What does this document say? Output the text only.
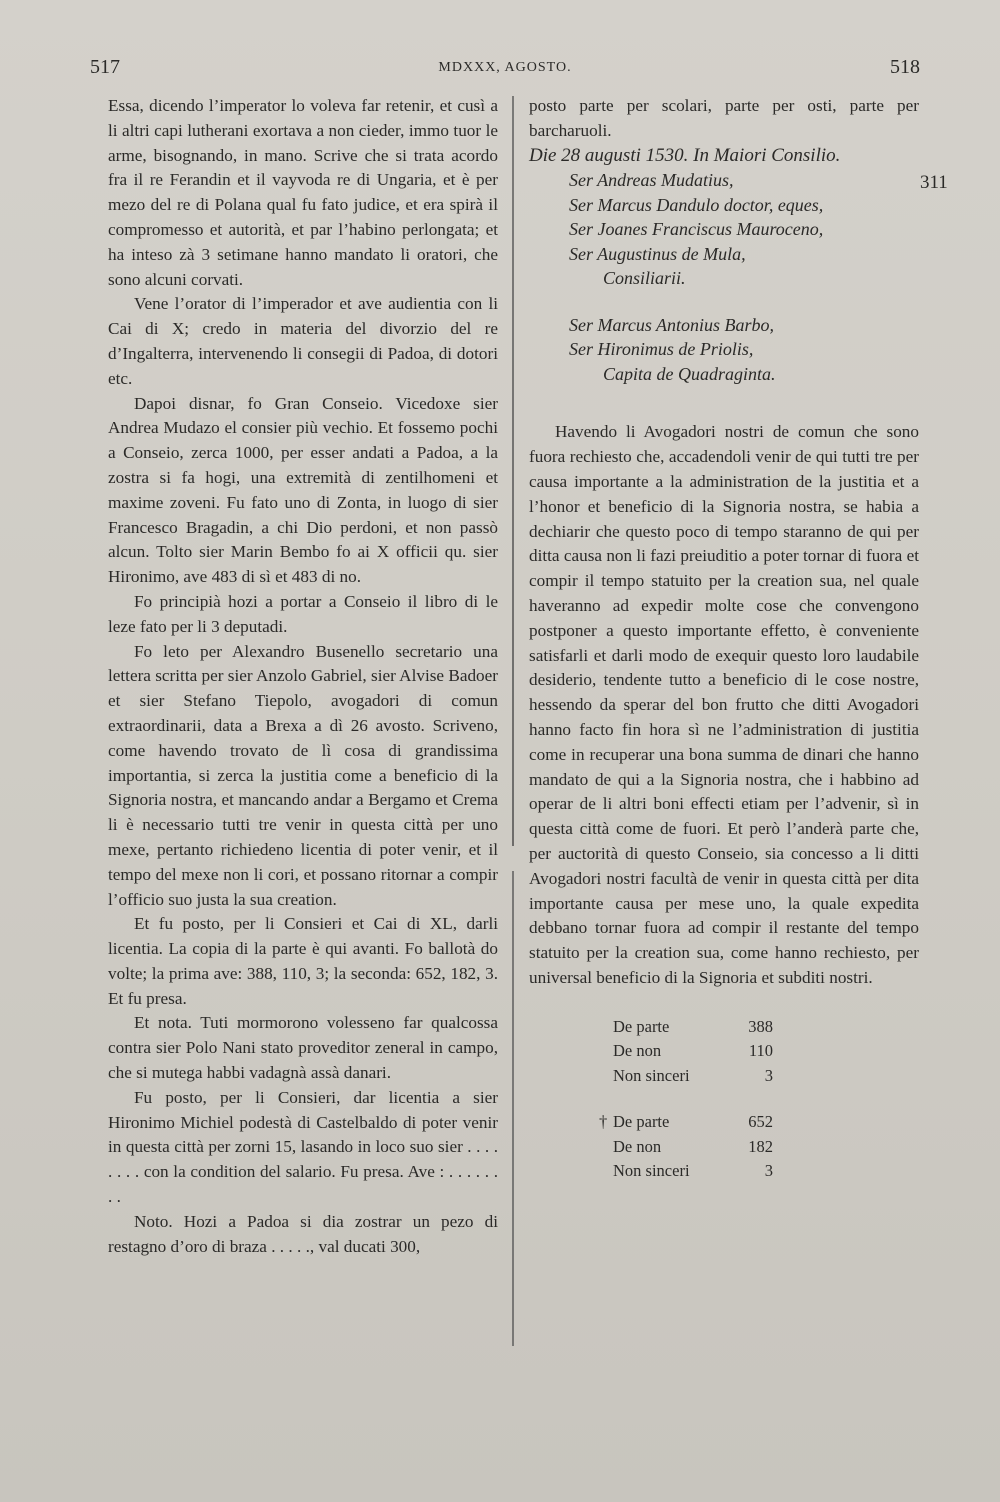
517	MDXXX, AGOSTO.	518
311

Essa, dicendo l’imperator lo voleva far retenir, et cusì a li altri capi lutherani exortava a non cieder, immo tuor le arme, bisognando, in mano. Scrive che si trata acordo fra il re Ferandin et il vayvoda re di Ungaria, et è per mezo del re di Polana qual fu fato judice, et era spirà il compromesso et autorità, et par l’habino perlongata; et ha inteso zà 3 setimane hanno mandato li oratori, che sono alcuni corvati.

Vene l’orator di l’imperador et ave audientia con li Cai di X; credo in materia del divorzio del re d’Ingalterra, intervenendo li consegii di Padoa, di dotori etc.

Dapoi disnar, fo Gran Conseio. Vicedoxe sier Andrea Mudazo el consier più vechio. Et fossemo pochi a Conseio, zerca 1000, per esser andati a Padoa, a la zostra si fa hogi, una extremità di zentilhomeni et maxime zoveni. Fu fato uno di Zonta, in luogo di sier Francesco Bragadin, a chi Dio perdoni, et non passò alcun. Tolto sier Marin Bembo fo ai X officii qu. sier Hironimo, ave 483 di sì et 483 di no.

Fo principià hozi a portar a Conseio il libro di le leze fato per li 3 deputadi.

Fo leto per Alexandro Busenello secretario una lettera scritta per sier Anzolo Gabriel, sier Alvise Badoer et sier Stefano Tiepolo, avogadori di comun extraordinarii, data a Brexa a dì 26 avosto. Scriveno, come havendo trovato de lì cosa di grandissima importantia, si zerca la justitia come a beneficio di la Signoria nostra, et mancando andar a Bergamo et Crema li è necessario tutti tre venir in questa città per uno mexe, pertanto richiedeno licentia di poter venir, et il tempo del mexe non li cori, et possano ritornar a compir l’officio suo justa la sua creation.

Et fu posto, per li Consieri et Cai di XL, darli licentia. La copia di la parte è qui avanti. Fo ballotà do volte; la prima ave: 388, 110, 3; la seconda: 652, 182, 3. Et fu presa.

Et nota. Tuti mormorono volesseno far qualcossa contra sier Polo Nani stato proveditor zeneral in campo, che si mutega habbi vadagnà assà danari.

Fu posto, per li Consieri, dar licentia a sier Hironimo Michiel podestà di Castelbaldo di poter venir in questa città per zorni 15, lasando in loco suo sier . . . . . . . . con la condition del salario. Fu presa. Ave : . . . . . . . .

Noto. Hozi a Padoa si dia zostrar un pezo di restagno d’oro di braza . . . . ., val ducati 300,

posto parte per scolari, parte per osti, parte per barcharuoli.

Die 28 augusti 1530. In Maiori Consilio.

Ser Andreas Mudatius,
Ser Marcus Dandulo doctor, eques,
Ser Joanes Franciscus Mauroceno,
Ser Augustinus de Mula,
Consiliarii.
Ser Marcus Antonius Barbo,
Ser Hironimus de Priolis,
Capita de Quadraginta.

Havendo li Avogadori nostri de comun che sono fuora rechiesto che, accadendoli venir de qui tutti tre per causa importante a la administration de la justitia et a l’honor et beneficio di la Signoria nostra, se habia a dechiarir che questo poco di tempo staranno de qui per ditta causa non li fazi preiuditio a poter tornar di fuora et compir il tempo statuito per la creation sua, nel quale haveranno ad expedir molte cose che convengono postponer a questo importante effetto, è conveniente satisfarli et darli modo de exequir questo loro laudabile desiderio, tendente tutto a beneficio di le cose nostre, hessendo da sperar del bon frutto che ditti Avogadori hanno facto fin hora sì ne l’administration di justitia come in recuperar una bona summa de dinari che hanno mandato de qui a la Signoria nostra, che i habbino ad operar de li altri boni effecti etiam per l’advenir, sì in questa città come de fuori. Et però l’anderà parte che, per auctorità di questo Conseio, sia concesso a li ditti Avogadori nostri facultà de venir in questa città per dita importante causa per mese uno, la quale expedita debbano tornar fuora ad compir il restante del tempo statuito per la creation sua, come hanno rechiesto, per universal beneficio di la Signoria et subditi nostri.

	De parte	388
	De non	110
	Non sinceri	3

†	De parte	652
	De non	182
	Non sinceri	3
